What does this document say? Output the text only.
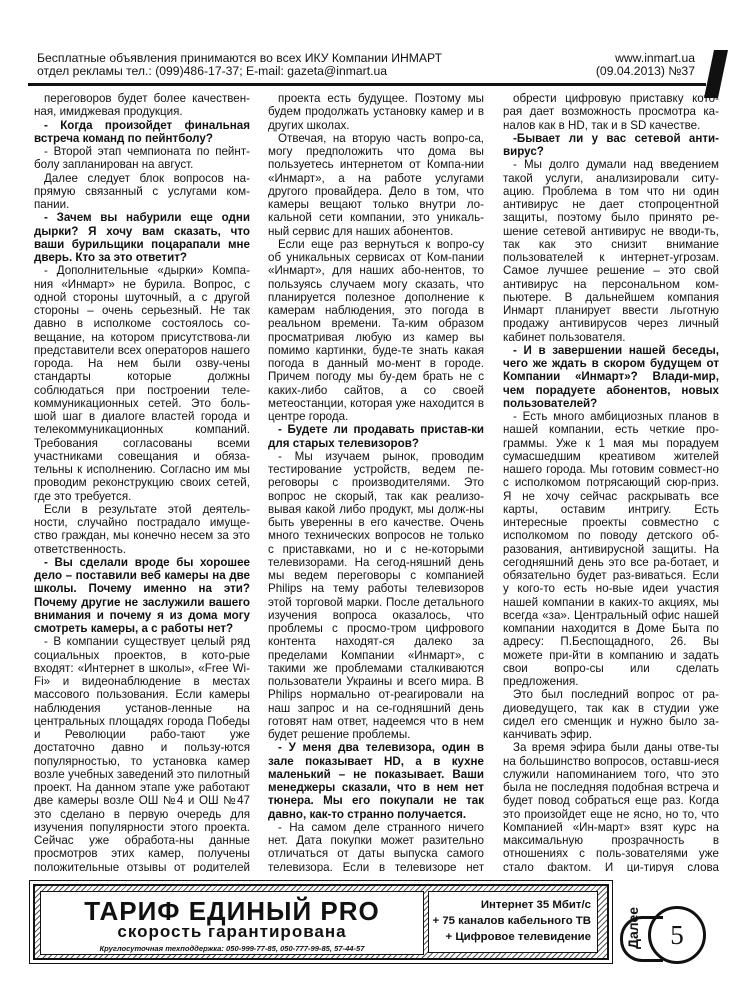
Бесплатные объявления принимаются во всех ИКУ Компании ИНМАРТ
отдел рекламы тел.: (099)486-17-37; E-mail: gazeta@inmart.ua
www.inmart.ua
(09.04.2013) №37

переговоров будет более качествен-ная, имиджевая продукция.

- Когда произойдет финальная встреча команд по пейнтболу?

- Второй этап чемпионата по пейнт-болу запланирован на август.

Далее следует блок вопросов на-прямую связанный с услугами ком-пании.

- Зачем вы набурили еще одни дырки? Я хочу вам сказать, что ваши бурильщики поцарапали мне дверь. Кто за это ответит?

- Дополнительные «дырки» Компа-ния «Инмарт» не бурила. Вопрос, с одной стороны шуточный, а с другой стороны – очень серьезный. Не так давно в исполкоме состоялось со-вещание, на котором присутствова-ли представители всех операторов нашего города. На нем были озву-чены стандарты которые должны соблюдаться при построении теле-коммуникационных сетей. Это боль-шой шаг в диалоге властей города и телекоммуникационных компаний. Требования согласованы всеми участниками совещания и обяза-тельны к исполнению. Согласно им мы проводим реконструкцию своих сетей, где это требуется.

Если в результате этой деятель-ности, случайно пострадало имуще-ство граждан, мы конечно несем за это ответственность.

- Вы сделали вроде бы хорошее дело – поставили веб камеры на две школы. Почему именно на эти? Почему другие не заслужили вашего внимания и почему я из дома могу смотреть камеры, а с работы нет?

- В компании существует целый ряд социальных проектов, в кото-рые входят: «Интернет в школы», «Free Wi-Fi» и видеонаблюдение в местах массового пользования. Если камеры наблюдения установ-ленные на центральных площадях города Победы и Революции рабо-тают уже достаточно давно и пользу-ются популярностью, то установка камер возле учебных заведений это пилотный проект. На данном этапе уже работают две камеры возле ОШ №4 и ОШ №47 это сделано в первую очередь для изучения популярности этого проекта. Сейчас уже обработа-ны данные просмотров этих камер, получены положительные отзывы от родителей

проекта есть будущее. Поэтому мы будем продолжать установку камер и в других школах.

Отвечая, на вторую часть вопро-са, могу предположить что дома вы пользуетесь интернетом от Компа-нии «Инмарт», а на работе услугами другого провайдера. Дело в том, что камеры вещают только внутри ло-кальной сети компании, это уникаль-ный сервис для наших абонентов.

Если еще раз вернуться к вопро-су об уникальных сервисах от Ком-пании «Инмарт», для наших або-нентов, то пользуясь случаем могу сказать, что планируется полезное дополнение к камерам наблюдения, это погода в реальном времени. Та-ким образом просматривая любую из камер вы помимо картинки, буде-те знать какая погода в данный мо-мент в городе. Причем погоду мы бу-дем брать не с каких-либо сайтов, а со своей метеостанции, которая уже находится в центре города.

- Будете ли продавать пристав-ки для старых телевизоров?

- Мы изучаем рынок, проводим тестирование устройств, ведем пе-реговоры с производителями. Это вопрос не скорый, так как реализо-вывая какой либо продукт, мы долж-ны быть уверенны в его качестве. Очень много технических вопросов не только с приставками, но и с не-которыми телевизорами. На сегод-няшний день мы ведем переговоры с компанией Philips на тему работы телевизоров этой торговой марки. После детального изучения вопроса оказалось, что проблемы с просмо-тром цифрового контента находят-ся далеко за пределами Компании «Инмарт», с такими же проблемами сталкиваются пользователи Украины и всего мира. В Philips нормально от-реагировали на наш запрос и на се-годняшний день готовят нам ответ, надеемся что в нем будет решение проблемы.

- У меня два телевизора, один в зале показывает HD, а в кухне маленький – не показывает. Ваши менеджеры сказали, что в нем нет тюнера. Мы его покупали не так давно, как-то странно получается.

- На самом деле странного ничего нет. Дата покупки может разительно отличаться от даты выпуска самого телевизора. Если в телевизоре нет

обрести цифровую приставку кото-рая дает возможность просмотра ка-налов как в HD, так и в SD качестве.

-Бывает ли у вас сетевой анти-вирус?

- Мы долго думали над введением такой услуги, анализировали ситу-ацию. Проблема в том что ни один антивирус не дает стопроцентной защиты, поэтому было принято ре-шение сетевой антивирус не вводи-ть, так как это снизит внимание пользователей к интернет-угрозам. Самое лучшее решение – это свой антивирус на персональном ком-пьютере. В дальнейшем компания Инмарт планирует ввести льготную продажу антивирусов через личный кабинет пользователя.

- И в завершении нашей беседы, чего же ждать в скором будущем от Компании «Инмарт»? Влади-мир, чем порадуете абонентов, новых пользователей?

- Есть много амбициозных планов в нашей компании, есть четкие про-граммы. Уже к 1 мая мы порадуем сумасшедшим креативом жителей нашего города. Мы готовим совмест-но с исполкомом потрясающий сюр-приз. Я не хочу сейчас раскрывать все карты, оставим интригу. Есть интересные проекты совместно с исполкомом по поводу детского об-разования, антивирусной защиты. На сегодняшний день это все ра-ботает, и обязательно будет раз-виваться. Если у кого-то есть но-вые идеи участия нашей компании в каких-то акциях, мы всегда «за». Центральный офис нашей компании находится в Доме Быта по адресу: П.Беспощадного, 26. Вы можете при-йти в компанию и задать свои вопро-сы или сделать предложения.

Это был последний вопрос от ра-диоведущего, так как в студии уже сидел его сменщик и нужно было за-канчивать эфир.

За время эфира были даны отве-ты на большинство вопросов, оставш-иеся служили напоминанием того, что это была не последняя подобная встреча и будет повод собраться еще раз. Когда это произойдет еще не ясно, но то, что Компанией «Ин-март» взят курс на максимальную прозрачность в отношениях с поль-зователями уже стало фактом. И ци-тируя слова

ТАРИФ ЕДИНЫЙ PRO
скорость гарантирована
Круглосуточная техподдержка: 050-999-77-85, 050-777-99-85, 57-44-57
Интернет 35 Мбит/с
+ 75 каналов кабельного ТВ
+ Цифровое телевидение Далее	5
